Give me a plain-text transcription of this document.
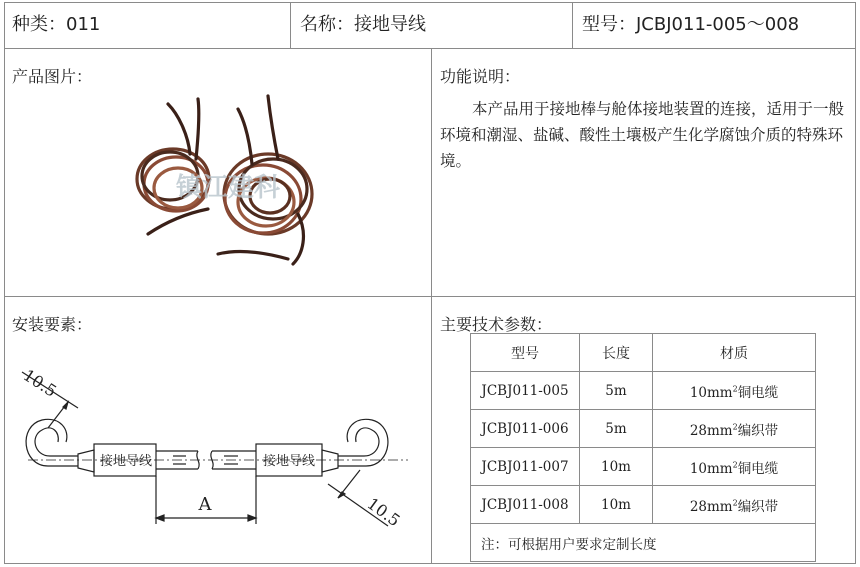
种类：011	名称：接地导线	型号：JCBJ011-005～008
产品图片：
镇江建科
功能说明：
本产品用于接地棒与舱体接地装置的连接，适用于一般环境和潮湿、盐碱、酸性土壤极产生化学腐蚀介质的特殊环境。
安装要素：
接地导线	接地导线
A
10.5
10.5
主要技术参数：
型号	长度	材质
JCBJ011-005	5m	$10mm^2$铜电缆
JCBJ011-006	5m	$28mm^2$编织带
JCBJ011-007	10m	$10mm^2$铜电缆
JCBJ011-008	10m	$28mm^2$编织带
注：可根据用户要求定制长度		
